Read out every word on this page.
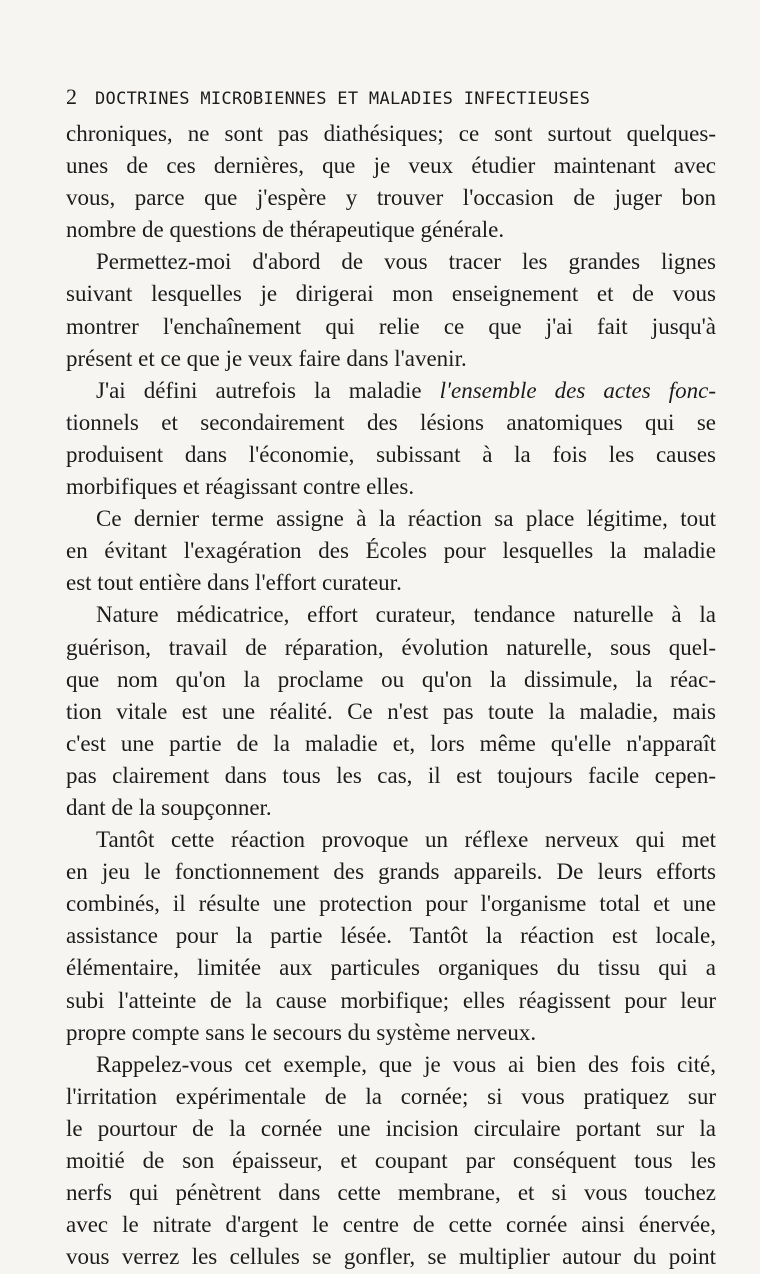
2 DOCTRINES MICROBIENNES ET MALADIES INFECTIEUSES
chroniques, ne sont pas diathésiques; ce sont surtout quelques-
unes de ces dernières, que je veux étudier maintenant avec
vous, parce que j'espère y trouver l'occasion de juger bon
nombre de questions de thérapeutique générale.
Permettez-moi d'abord de vous tracer les grandes lignes
suivant lesquelles je dirigerai mon enseignement et de vous
montrer l'enchaînement qui relie ce que j'ai fait jusqu'à
présent et ce que je veux faire dans l'avenir.
J'ai défini autrefois la maladie l'ensemble des actes fonc-
tionnels et secondairement des lésions anatomiques qui se
produisent dans l'économie, subissant à la fois les causes
morbifiques et réagissant contre elles.
Ce dernier terme assigne à la réaction sa place légitime, tout
en évitant l'exagération des Écoles pour lesquelles la maladie
est tout entière dans l'effort curateur.
Nature médicatrice, effort curateur, tendance naturelle à la
guérison, travail de réparation, évolution naturelle, sous quel-
que nom qu'on la proclame ou qu'on la dissimule, la réac-
tion vitale est une réalité. Ce n'est pas toute la maladie, mais
c'est une partie de la maladie et, lors même qu'elle n'apparaît
pas clairement dans tous les cas, il est toujours facile cepen-
dant de la soupçonner.
Tantôt cette réaction provoque un réflexe nerveux qui met
en jeu le fonctionnement des grands appareils. De leurs efforts
combinés, il résulte une protection pour l'organisme total et une
assistance pour la partie lésée. Tantôt la réaction est locale,
élémentaire, limitée aux particules organiques du tissu qui a
subi l'atteinte de la cause morbifique; elles réagissent pour leur
propre compte sans le secours du système nerveux.
Rappelez-vous cet exemple, que je vous ai bien des fois cité,
l'irritation expérimentale de la cornée; si vous pratiquez sur
le pourtour de la cornée une incision circulaire portant sur la
moitié de son épaisseur, et coupant par conséquent tous les
nerfs qui pénètrent dans cette membrane, et si vous touchez
avec le nitrate d'argent le centre de cette cornée ainsi énervée,
vous verrez les cellules se gonfler, se multiplier autour du point
